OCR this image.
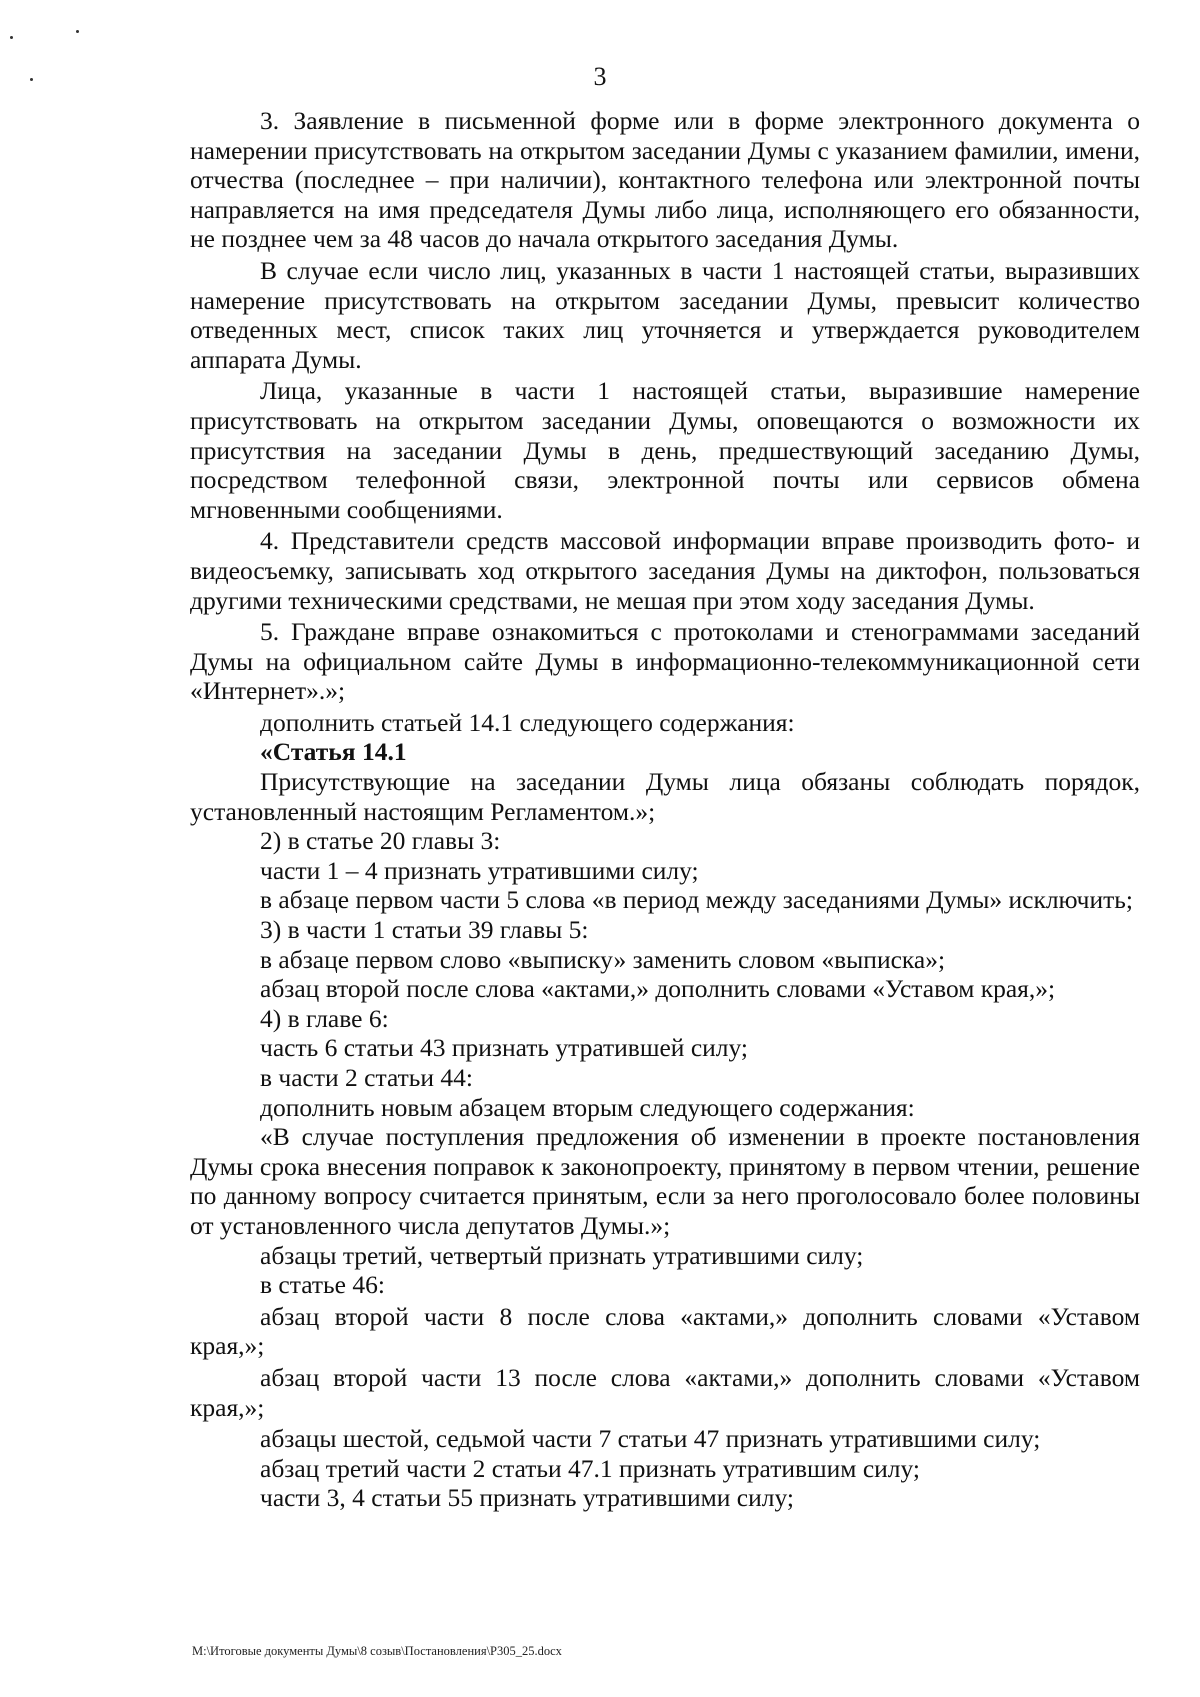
3

3. Заявление в письменной форме или в форме электронного документа о намерении присутствовать на открытом заседании Думы с указанием фамилии, имени, отчества (последнее – при наличии), контактного телефона или электронной почты направляется на имя председателя Думы либо лица, исполняющего его обязанности, не позднее чем за 48 часов до начала открытого заседания Думы.

В случае если число лиц, указанных в части 1 настоящей статьи, выразивших намерение присутствовать на открытом заседании Думы, превысит количество отведенных мест, список таких лиц уточняется и утверждается руководителем аппарата Думы.

Лица, указанные в части 1 настоящей статьи, выразившие намерение присутствовать на открытом заседании Думы, оповещаются о возможности их присутствия на заседании Думы в день, предшествующий заседанию Думы, посредством телефонной связи, электронной почты или сервисов обмена мгновенными сообщениями.

4. Представители средств массовой информации вправе производить фото- и видеосъемку, записывать ход открытого заседания Думы на диктофон, пользоваться другими техническими средствами, не мешая при этом ходу заседания Думы.

5. Граждане вправе ознакомиться с протоколами и стенограммами заседаний Думы на официальном сайте Думы в информационно-телекоммуникационной сети «Интернет».»;

дополнить статьей 14.1 следующего содержания:

«Статья 14.1

Присутствующие на заседании Думы лица обязаны соблюдать порядок, установленный настоящим Регламентом.»;

2) в статье 20 главы 3:

части 1 – 4 признать утратившими силу;

в абзаце первом части 5 слова «в период между заседаниями Думы» исключить;

3) в части 1 статьи 39 главы 5:

в абзаце первом слово «выписку» заменить словом «выписка»;

абзац второй после слова «актами,» дополнить словами «Уставом края,»;

4) в главе 6:

часть 6 статьи 43 признать утратившей силу;

в части 2 статьи 44:

дополнить новым абзацем вторым следующего содержания:

«В случае поступления предложения об изменении в проекте постановления Думы срока внесения поправок к законопроекту, принятому в первом чтении, решение по данному вопросу считается принятым, если за него проголосовало более половины от установленного числа депутатов Думы.»;

абзацы третий, четвертый признать утратившими силу;

в статье 46:

абзац второй части 8 после слова «актами,» дополнить словами «Уставом края,»;

абзац второй части 13 после слова «актами,» дополнить словами «Уставом края,»;

абзацы шестой, седьмой части 7 статьи 47 признать утратившими силу;

абзац третий части 2 статьи 47.1 признать утратившим силу;

части 3, 4 статьи 55 признать утратившими силу;

M:\Итоговые документы Думы\8 созыв\Постановления\P305_25.docx
